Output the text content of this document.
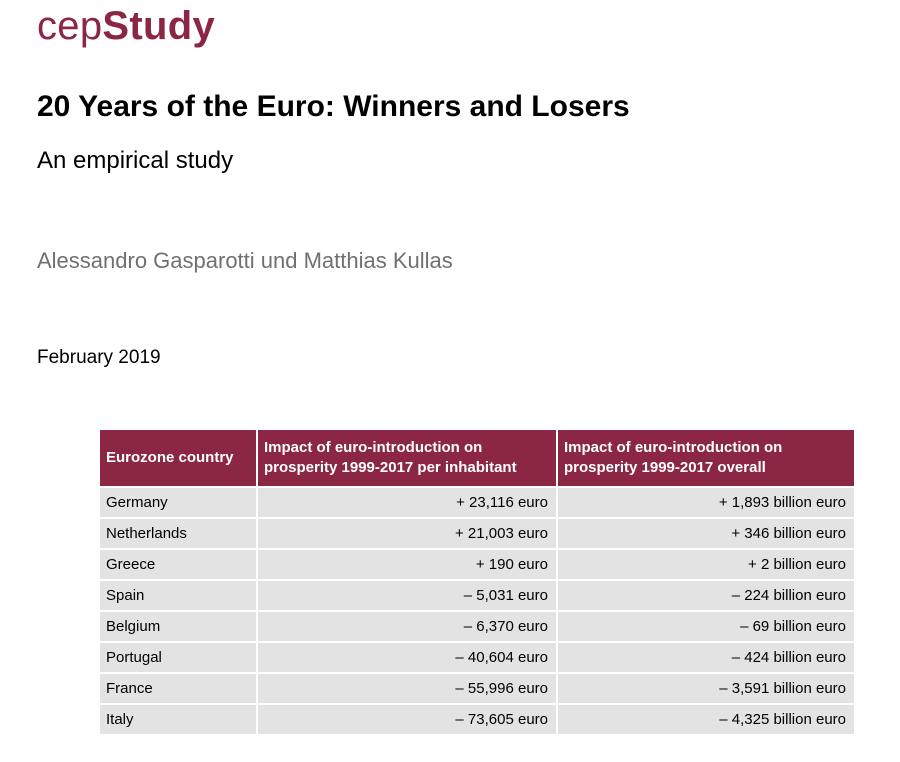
cepStudy
20 Years of the Euro: Winners and Losers
An empirical study
Alessandro Gasparotti und Matthias Kullas
February 2019
Eurozone country	Impact of euro-introduction on prosperity 1999-2017 per inhabitant	Impact of euro-introduction on prosperity 1999-2017 overall
Germany	+ 23,116 euro	+ 1,893 billion euro
Netherlands	+ 21,003 euro	+ 346 billion euro
Greece	+ 190 euro	+ 2 billion euro
Spain	– 5,031 euro	– 224 billion euro
Belgium	– 6,370 euro	– 69 billion euro
Portugal	– 40,604 euro	– 424 billion euro
France	– 55,996 euro	– 3,591 billion euro
Italy	– 73,605 euro	– 4,325 billion euro
